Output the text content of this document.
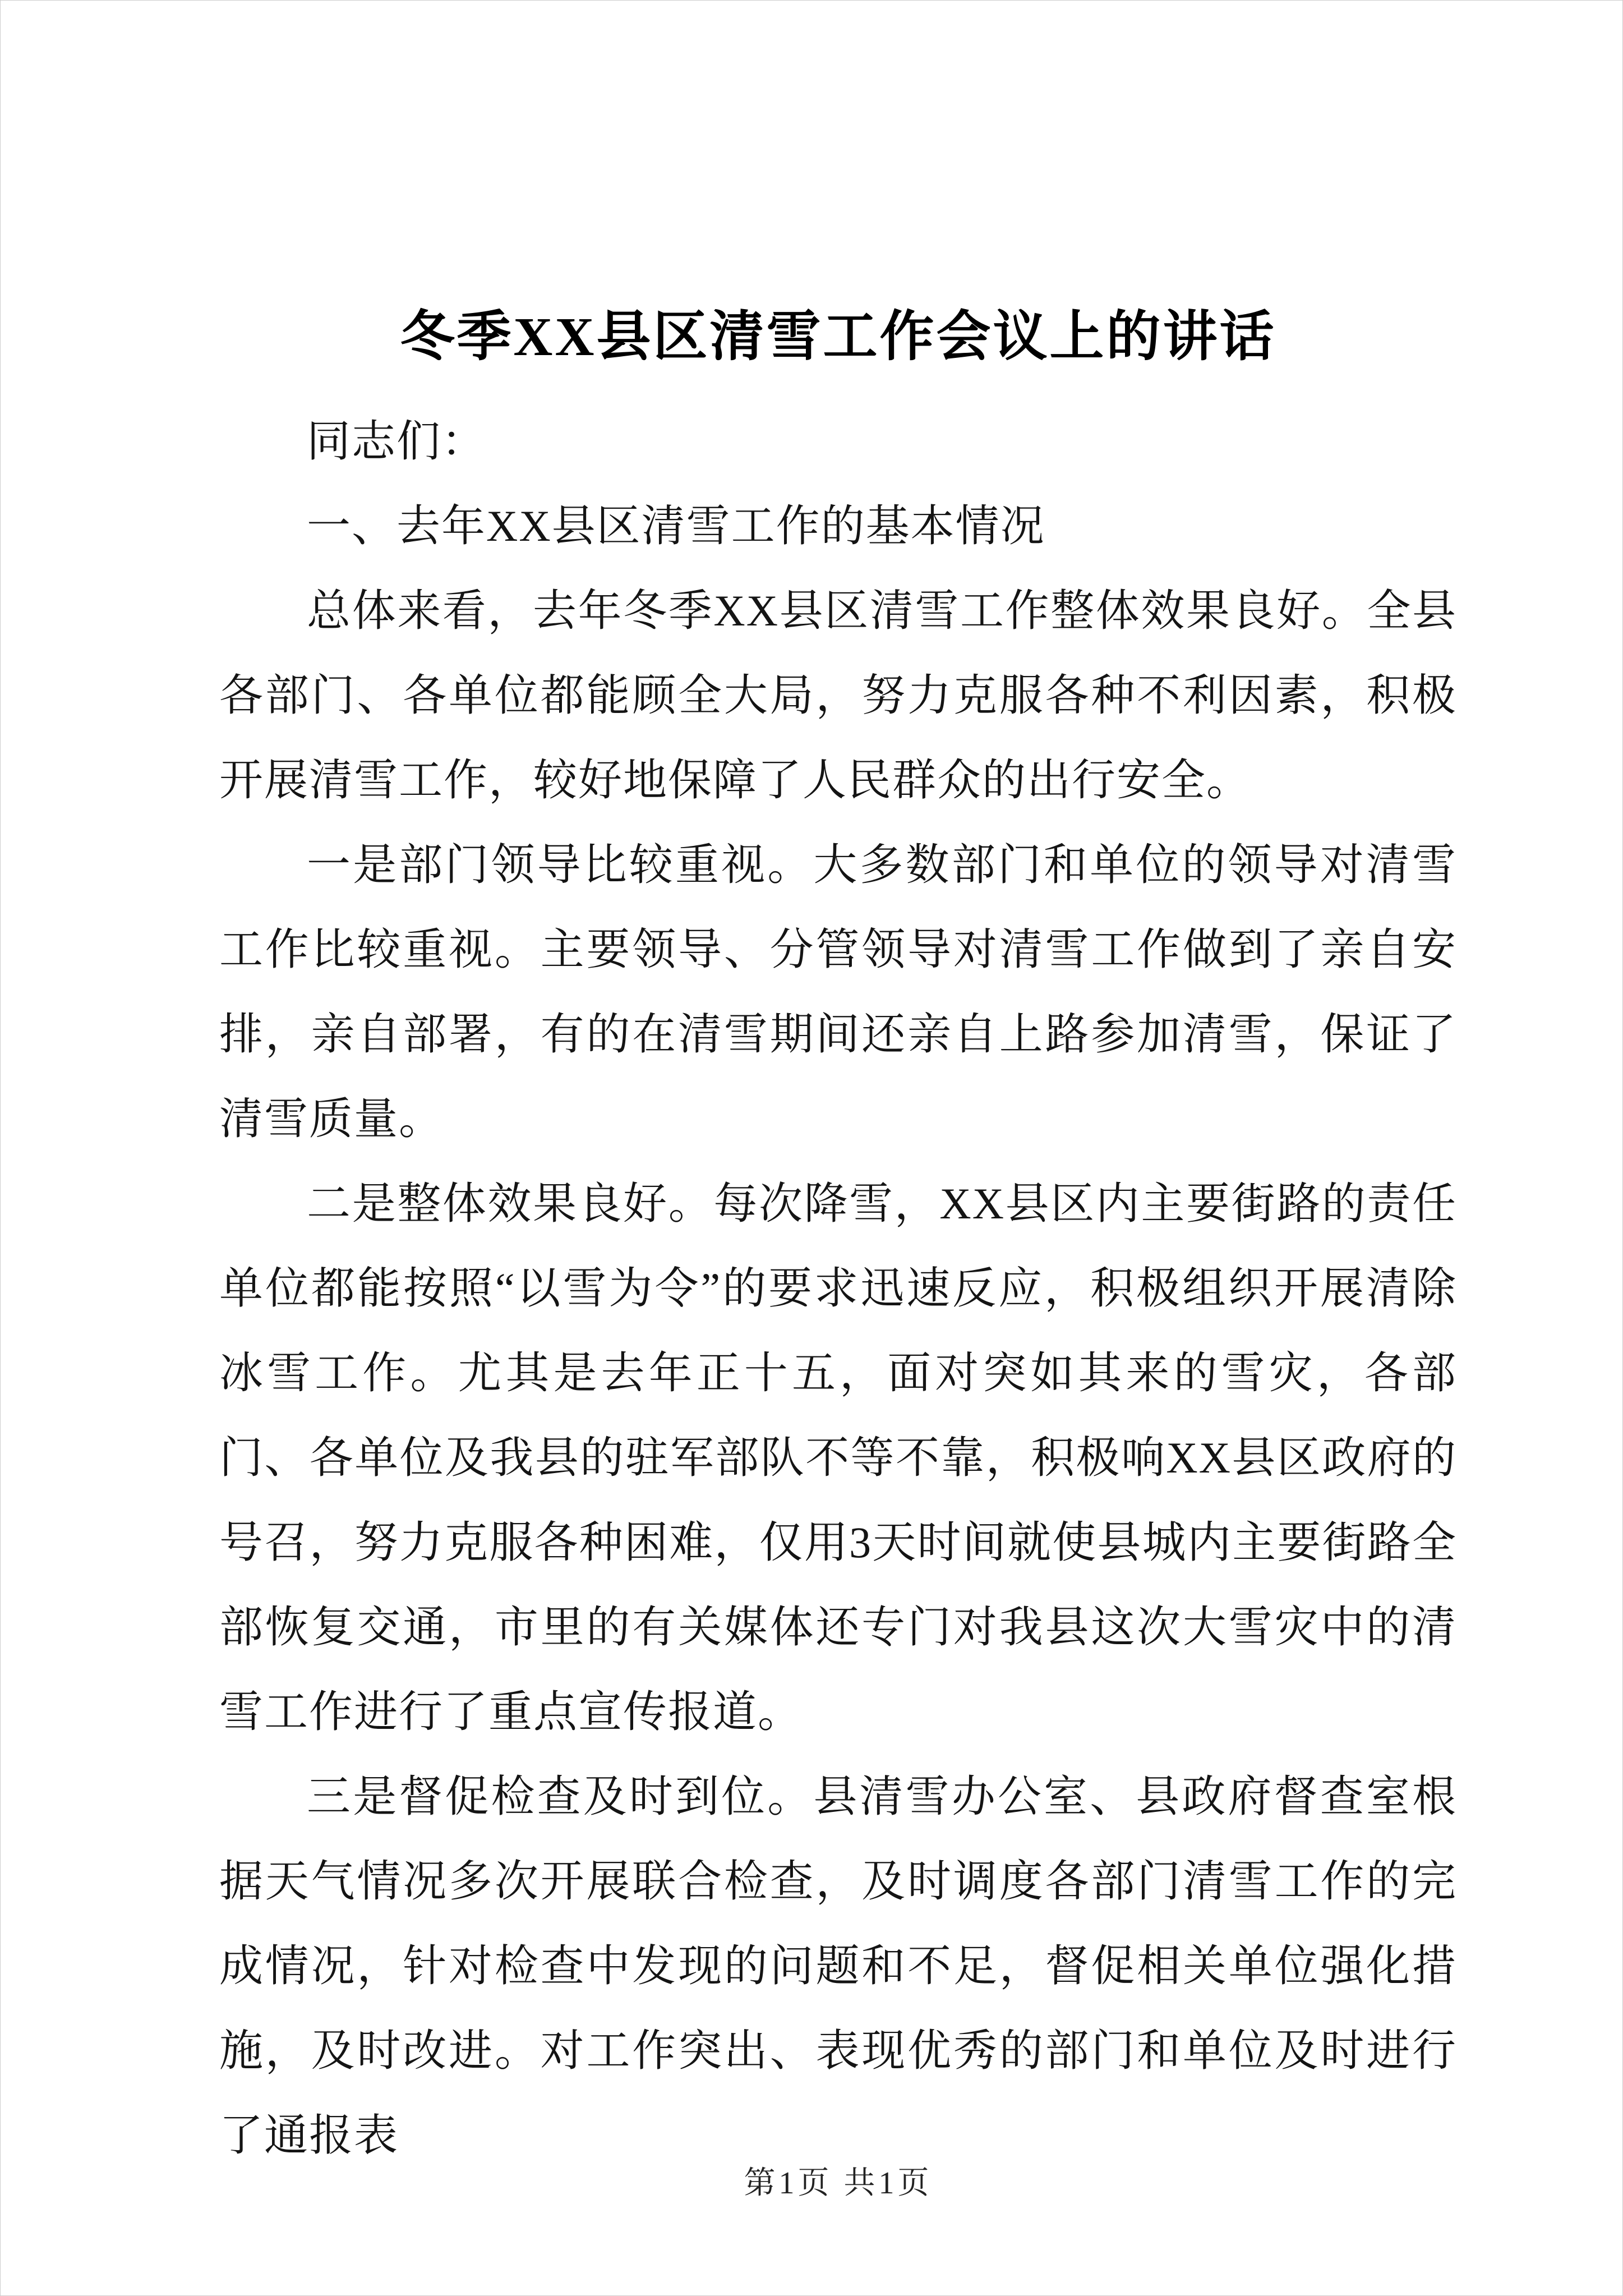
冬季XX县区清雪工作会议上的讲话

同志们：

一、去年XX县区清雪工作的基本情况

总体来看，去年冬季XX县区清雪工作整体效果良好。全县各部门、各单位都能顾全大局，努力克服各种不利因素，积极开展清雪工作，较好地保障了人民群众的出行安全。

一是部门领导比较重视。大多数部门和单位的领导对清雪工作比较重视。主要领导、分管领导对清雪工作做到了亲自安排，亲自部署，有的在清雪期间还亲自上路参加清雪，保证了清雪质量。

二是整体效果良好。每次降雪，XX县区内主要街路的责任单位都能按照“以雪为令”的要求迅速反应，积极组织开展清除冰雪工作。尤其是去年正十五，面对突如其来的雪灾，各部门、各单位及我县的驻军部队不等不靠，积极响XX县区政府的号召，努力克服各种困难，仅用3天时间就使县城内主要街路全部恢复交通，市里的有关媒体还专门对我县这次大雪灾中的清雪工作进行了重点宣传报道。

三是督促检查及时到位。县清雪办公室、县政府督查室根据天气情况多次开展联合检查，及时调度各部门清雪工作的完成情况，针对检查中发现的问题和不足，督促相关单位强化措施，及时改进。对工作突出、表现优秀的部门和单位及时进行了通报表

第1页 共1页
